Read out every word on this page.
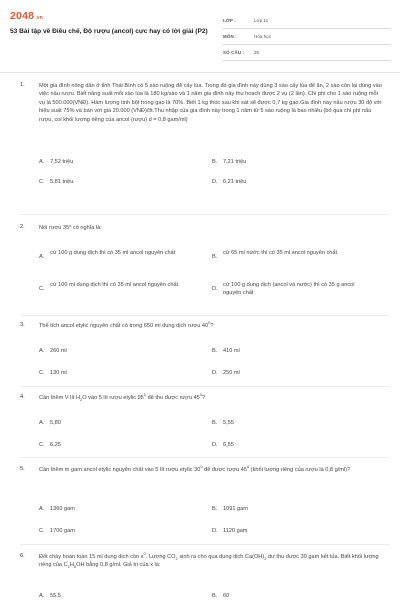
2048.vn
53 Bài tập về Điều chế, Độ rượu (ancol) cực hay có lời giải (P2)
LỚP :	Lớp 11
MÔN :	Hóa học
SỐ CÂU :	25
1.	Một gia đình nông dân ở tỉnh Thái Bình có 5 sào ruộng để cấy lúa. Trong đó gia đình này dùng 3 sào cấy lúa để ăn, 2 sào còn lại dùng vào việc nấu rượu. Biết năng suất mỗi sào lúa là 180 kg/sào và 1 năm gia đình này thu hoạch được 2 vụ (2 lần). Chi phí cho 1 sào ruộng mỗi vụ là 500.000(VNĐ). Hàm lượng tinh bột trong gạo là 70%. Biết 1 kg thóc sau khi sát sẽ được 0,7 kg gạo.Gia đình này nấu rượu 30 độ với hiệu suất 75% và bán với giá 20.000 (VNĐ)/lít.Thu nhập của gia đình này trong 1 năm từ 5 sào ruộng là bao nhiêu (bỏ qua chi phí nấu rượu, coi khối lượng riêng của ancol (rượu) d = 0,8 gam/ml)
A. 7,52 triệu	B. 7,21 triệu
C. 5,81 triệu	D. 6,21 triệu
2.	Nói rượu 35⁰ có nghĩa là:
A.
cứ 100 g dung dịch thì có 35 ml ancol nguyên chất
B.
cứ 65 ml nước thì có 35 ml ancol nguyên chất
C.
cứ 100 ml dung dịch thì có 35 ml ancol nguyên chất
D.
cứ 100 g dung dịch (ancol và nước) thì có 35 g ancol nguyên chất
3.	Thể tích ancol etylic nguyên chất có trong 650 ml dung dịch rượu $40^0$?
A. 260 ml	B. 410 ml
C. 130 ml	D. 250 ml
4.	Cần thêm V lít $H_2O$ vào 5 lít rượu etylic $95^0$ để thu được rượu $45^0$?
A. 5,80	B. 5,55
C. 6,25	D. 6,55
5.	Cần thêm m gam ancol etylic nguyên chất vào 5 lít rượu etylic $30^0$ để được rượu $45^0$ (khối lượng riêng của rượu là 0,8 g/ml)?
A. 1360 gam	B. 1091 gam
C. 1700 gam	D. 1120 gam
6.	Đốt cháy hoàn toàn 15 ml dung dịch cồn $x^0$. Lượng $CO_2$ sinh ra cho qua dung dịch $Ca(OH)_2$ dư thu được 30 gam kết tủa. Biết khối lượng riêng của $C_2H_5OH$ bằng 0,8 g/ml. Giá trị của x là:
A. 55,5	B. 60
